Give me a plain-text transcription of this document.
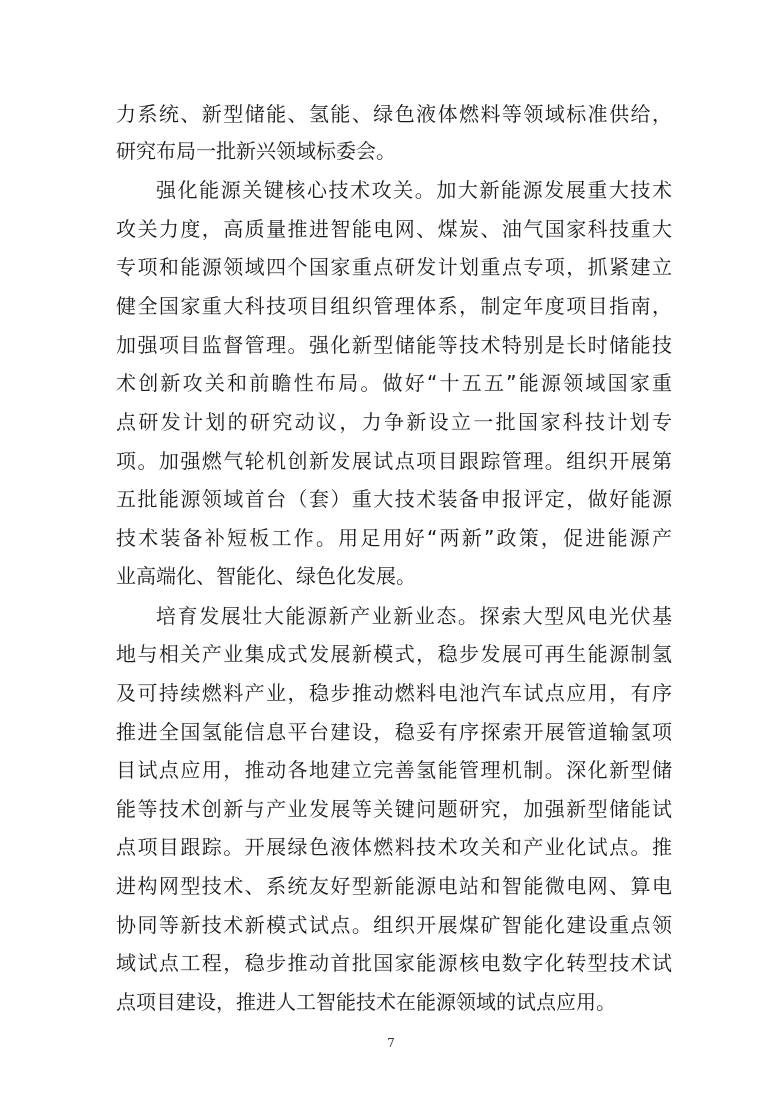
力系统、新型储能、氢能、绿色液体燃料等领域标准供给，
研究布局一批新兴领域标委会。
强化能源关键核心技术攻关。加大新能源发展重大技术
攻关力度，高质量推进智能电网、煤炭、油气国家科技重大
专项和能源领域四个国家重点研发计划重点专项，抓紧建立
健全国家重大科技项目组织管理体系，制定年度项目指南，
加强项目监督管理。强化新型储能等技术特别是长时储能技
术创新攻关和前瞻性布局。做好“十五五”能源领域国家重
点研发计划的研究动议，力争新设立一批国家科技计划专
项。加强燃气轮机创新发展试点项目跟踪管理。组织开展第
五批能源领域首台（套）重大技术装备申报评定，做好能源
技术装备补短板工作。用足用好“两新”政策，促进能源产
业高端化、智能化、绿色化发展。
培育发展壮大能源新产业新业态。探索大型风电光伏基
地与相关产业集成式发展新模式，稳步发展可再生能源制氢
及可持续燃料产业，稳步推动燃料电池汽车试点应用，有序
推进全国氢能信息平台建设，稳妥有序探索开展管道输氢项
目试点应用，推动各地建立完善氢能管理机制。深化新型储
能等技术创新与产业发展等关键问题研究，加强新型储能试
点项目跟踪。开展绿色液体燃料技术攻关和产业化试点。推
进构网型技术、系统友好型新能源电站和智能微电网、算电
协同等新技术新模式试点。组织开展煤矿智能化建设重点领
域试点工程，稳步推动首批国家能源核电数字化转型技术试
点项目建设，推进人工智能技术在能源领域的试点应用。
7
